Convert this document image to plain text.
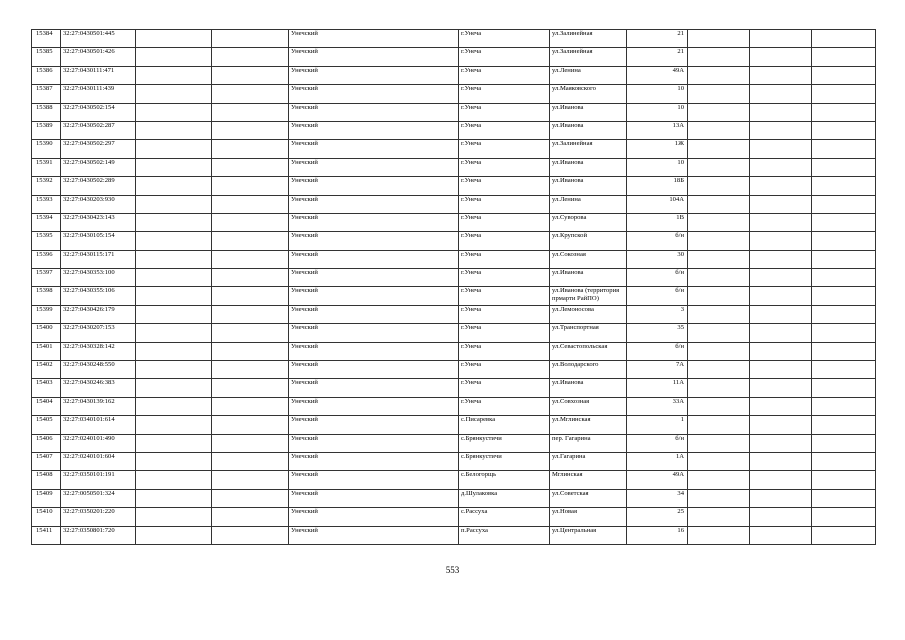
15384	32:27:0430501:445			Унечский	г.Унеча	ул.Залинейная	21			
15385	32:27:0430501:426			Унечский	г.Унеча	ул.Залинейная	21			
15386	32:27:0430111:471			Унечский	г.Унеча	ул.Ленина	49А			
15387	32:27:0430111:439			Унечский	г.Унеча	ул.Маяковского	10			
15388	32:27:0430502:154			Унечский	г.Унеча	ул.Иванова	10			
15389	32:27:0430502:287			Унечский	г.Унеча	ул.Иванова	13А			
15390	32:27:0430502:297			Унечский	г.Унеча	ул.Залинейная	1Ж			
15391	32:27:0430502:149			Унечский	г.Унеча	ул.Иванова	10			
15392	32:27:0430502:289			Унечский	г.Унеча	ул.Иванова	18Б			
15393	32:27:0430203:930			Унечский	г.Унеча	ул.Ленина	104А			
15394	32:27:0430423:143			Унечский	г.Унеча	ул.Суворова	1В			
15395	32:27:0430105:154			Унечский	г.Унеча	ул.Крупской	б/н			
15396	32:27:0430115:171			Унечский	г.Унеча	ул.Сокозная	30			
15397	32:27:0430353:100			Унечский	г.Унеча	ул.Иванова	б/н			
15398	32:27:0430355:106			Унечский	г.Унеча	ул.Иванова (территория прмарти РайПО)	б/н			
15399	32:27:0430426:179			Унечский	г.Унеча	ул.Лемоносова	3			
15400	32:27:0430207:153			Унечский	г.Унеча	ул.Транспортная	35			
15401	32:27:0430328:142			Унечский	г.Унеча	ул.Севастопольская	б/н			
15402	32:27:0430248:550			Унечский	г.Унеча	ул.Володарского	7А			
15403	32:27:0430246:383			Унечский	г.Унеча	ул.Иванова	11А			
15404	32:27:0430139:162			Унечский	г.Унеча	ул.Совхозная	33А			
15405	32:27:0340101:614			Унечский	с.Писаревка	ул.Мглинская	1			
15406	32:27:0240101:490			Унечский	с.Брянкустичи	пер. Гагарина	б/н			
15407	32:27:0240101:604			Унечский	с.Брянкустичи	ул.Гагарина	1А			
15408	32:27:0350101:191			Унечский	с.Белогорщь	Мглинская	49А			
15409	32:27:0050501:324			Унечский	д.Шулаковка	ул.Советская	34			
15410	32:27:0350201:220			Унечский	с.Рассуха	ул.Новая	25			
15411	32:27:0350801:720			Унечский	п.Рассуха	ул.Центральная	16			
553
